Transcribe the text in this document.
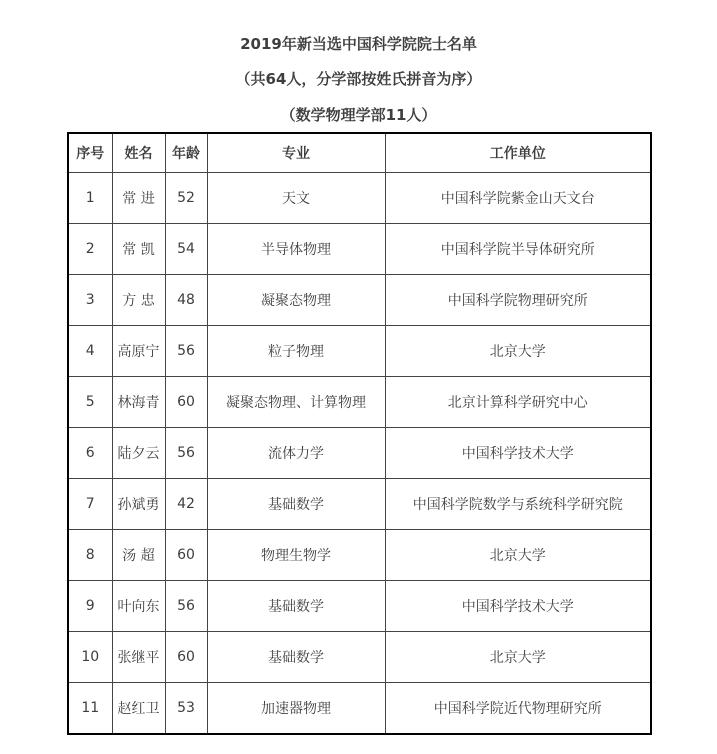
2019年新当选中国科学院院士名单
（共64人，分学部按姓氏拼音为序）
（数学物理学部11人）
序号	姓名	年龄	专业	工作单位
1	常 进	52	天文	中国科学院紫金山天文台
2	常 凯	54	半导体物理	中国科学院半导体研究所
3	方 忠	48	凝聚态物理	中国科学院物理研究所
4	高原宁	56	粒子物理	北京大学
5	林海青	60	凝聚态物理、计算物理	北京计算科学研究中心
6	陆夕云	56	流体力学	中国科学技术大学
7	孙斌勇	42	基础数学	中国科学院数学与系统科学研究院
8	汤 超	60	物理生物学	北京大学
9	叶向东	56	基础数学	中国科学技术大学
10	张继平	60	基础数学	北京大学
11	赵红卫	53	加速器物理	中国科学院近代物理研究所
